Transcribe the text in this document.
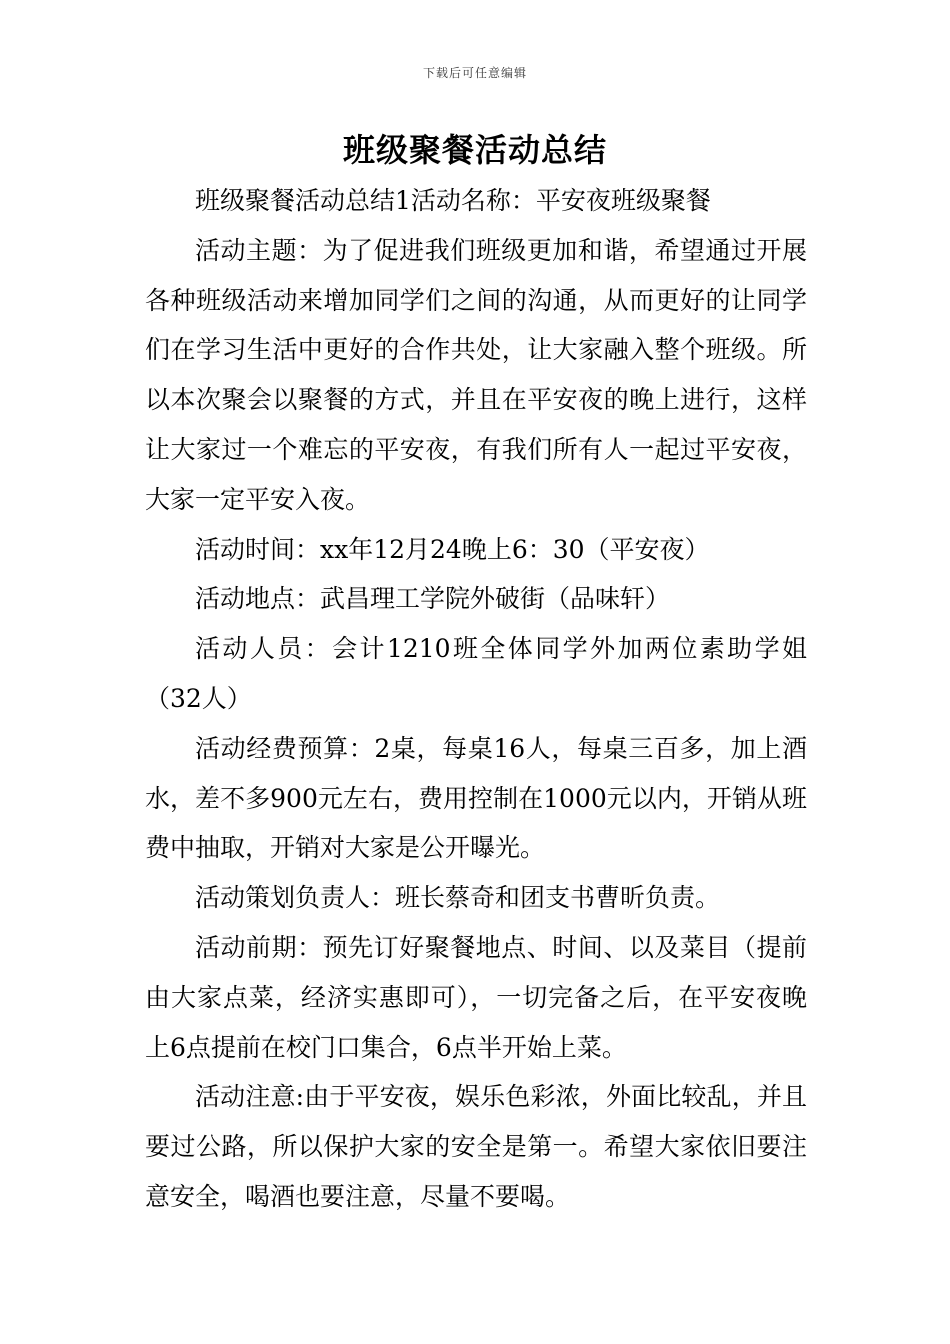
下载后可任意编辑
班级聚餐活动总结

班级聚餐活动总结1活动名称：平安夜班级聚餐

活动主题：为了促进我们班级更加和谐，希望通过开展各种班级活动来增加同学们之间的沟通，从而更好的让同学们在学习生活中更好的合作共处，让大家融入整个班级。所以本次聚会以聚餐的方式，并且在平安夜的晚上进行，这样让大家过一个难忘的平安夜，有我们所有人一起过平安夜，大家一定平安入夜。

活动时间：xx年12月24晚上6：30（平安夜）

活动地点：武昌理工学院外破街（品味轩）

活动人员：会计1210班全体同学外加两位素助学姐（32人）

活动经费预算：2桌，每桌16人，每桌三百多，加上酒水，差不多900元左右，费用控制在1000元以内，开销从班费中抽取，开销对大家是公开曝光。

活动策划负责人：班长蔡奇和团支书曹昕负责。

活动前期：预先订好聚餐地点、时间、以及菜目（提前由大家点菜，经济实惠即可），一切完备之后，在平安夜晚上6点提前在校门口集合，6点半开始上菜。

活动注意:由于平安夜，娱乐色彩浓，外面比较乱，并且要过公路，所以保护大家的安全是第一。希望大家依旧要注意安全，喝酒也要注意，尽量不要喝。
